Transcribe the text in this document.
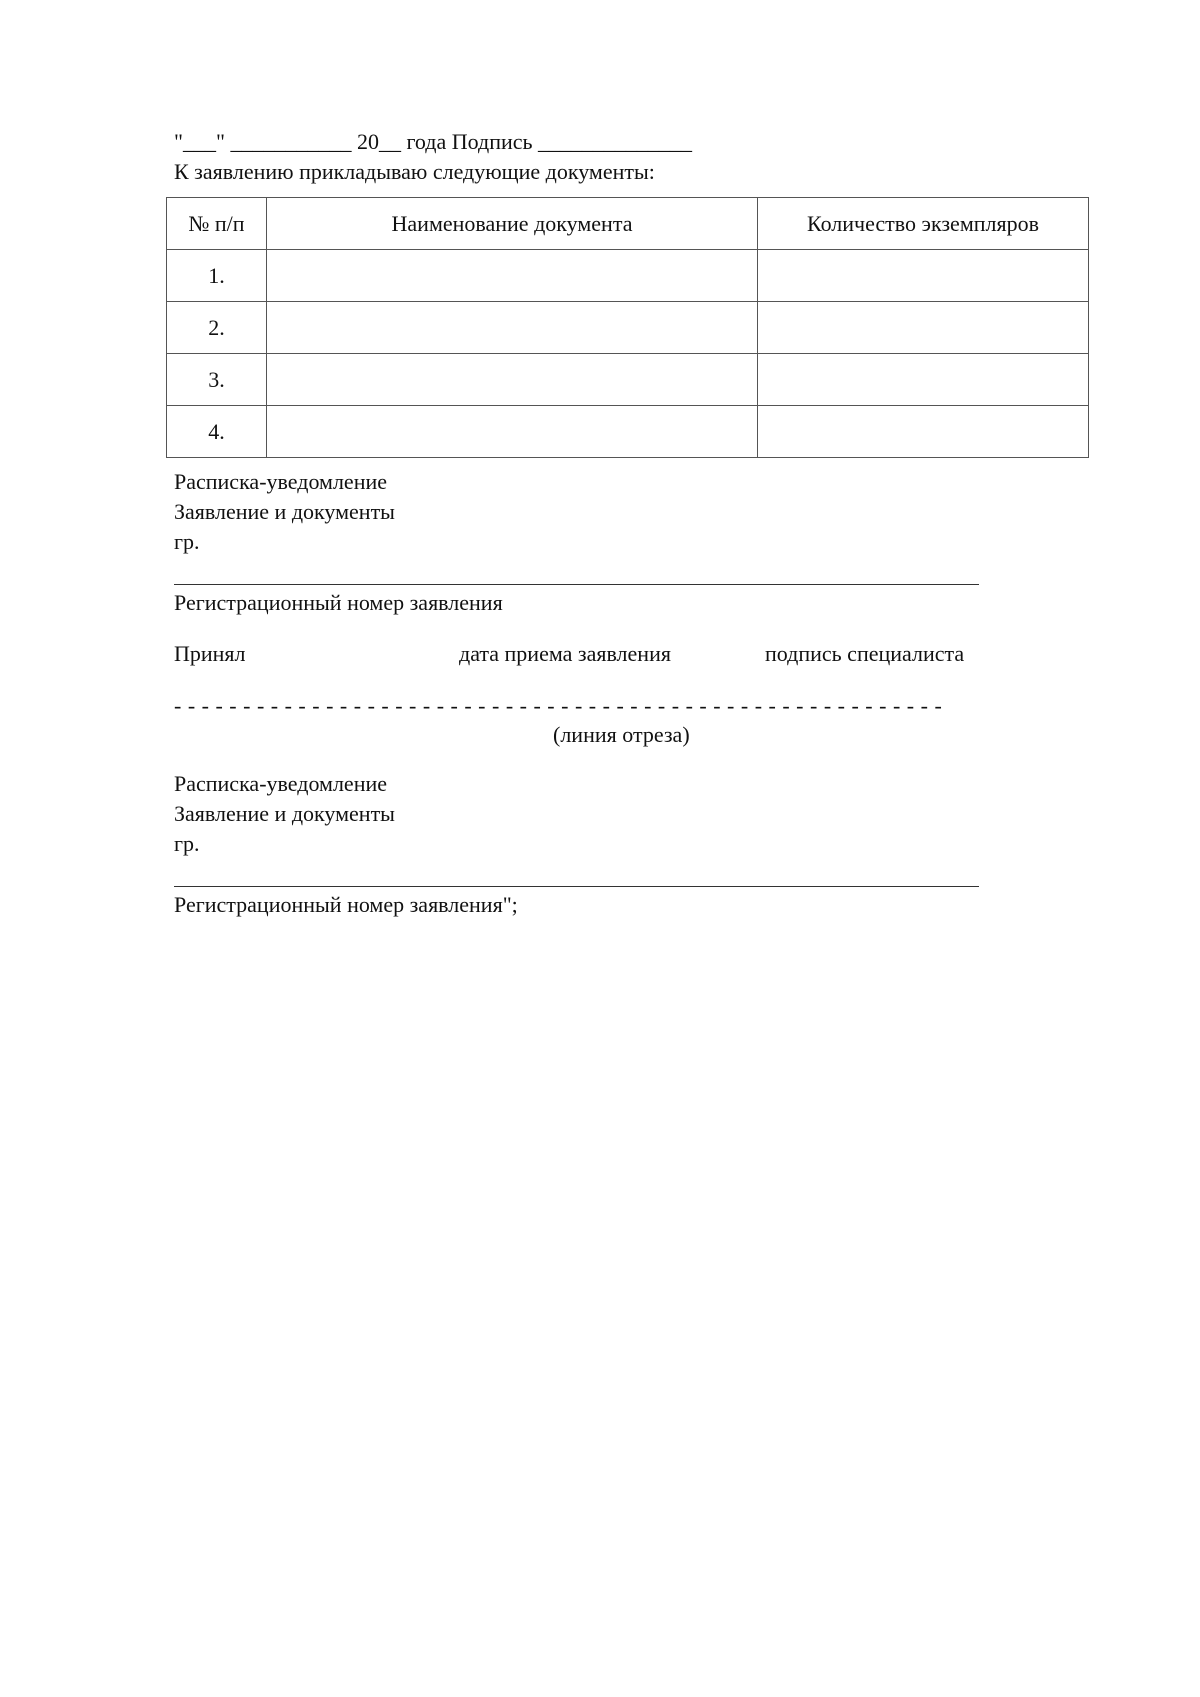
"___" ___________ 20__ года Подпись ______________
К заявлению прикладываю следующие документы:
№ п/п	Наименование документа	Количество экземпляров
1.		
2.		
3.		
4.		
Расписка-уведомление
Заявление и документы
гр.
Регистрационный номер заявления
Принял	дата приема заявления	подпись специалиста
- - - - - - - - - - - - - - - - - - - - - - - - - - - - - - - - - - - - - - - - - - - - - - - - - - - - - - - -
(линия отреза)
Расписка-уведомление
Заявление и документы
гр.
Регистрационный номер заявления";
